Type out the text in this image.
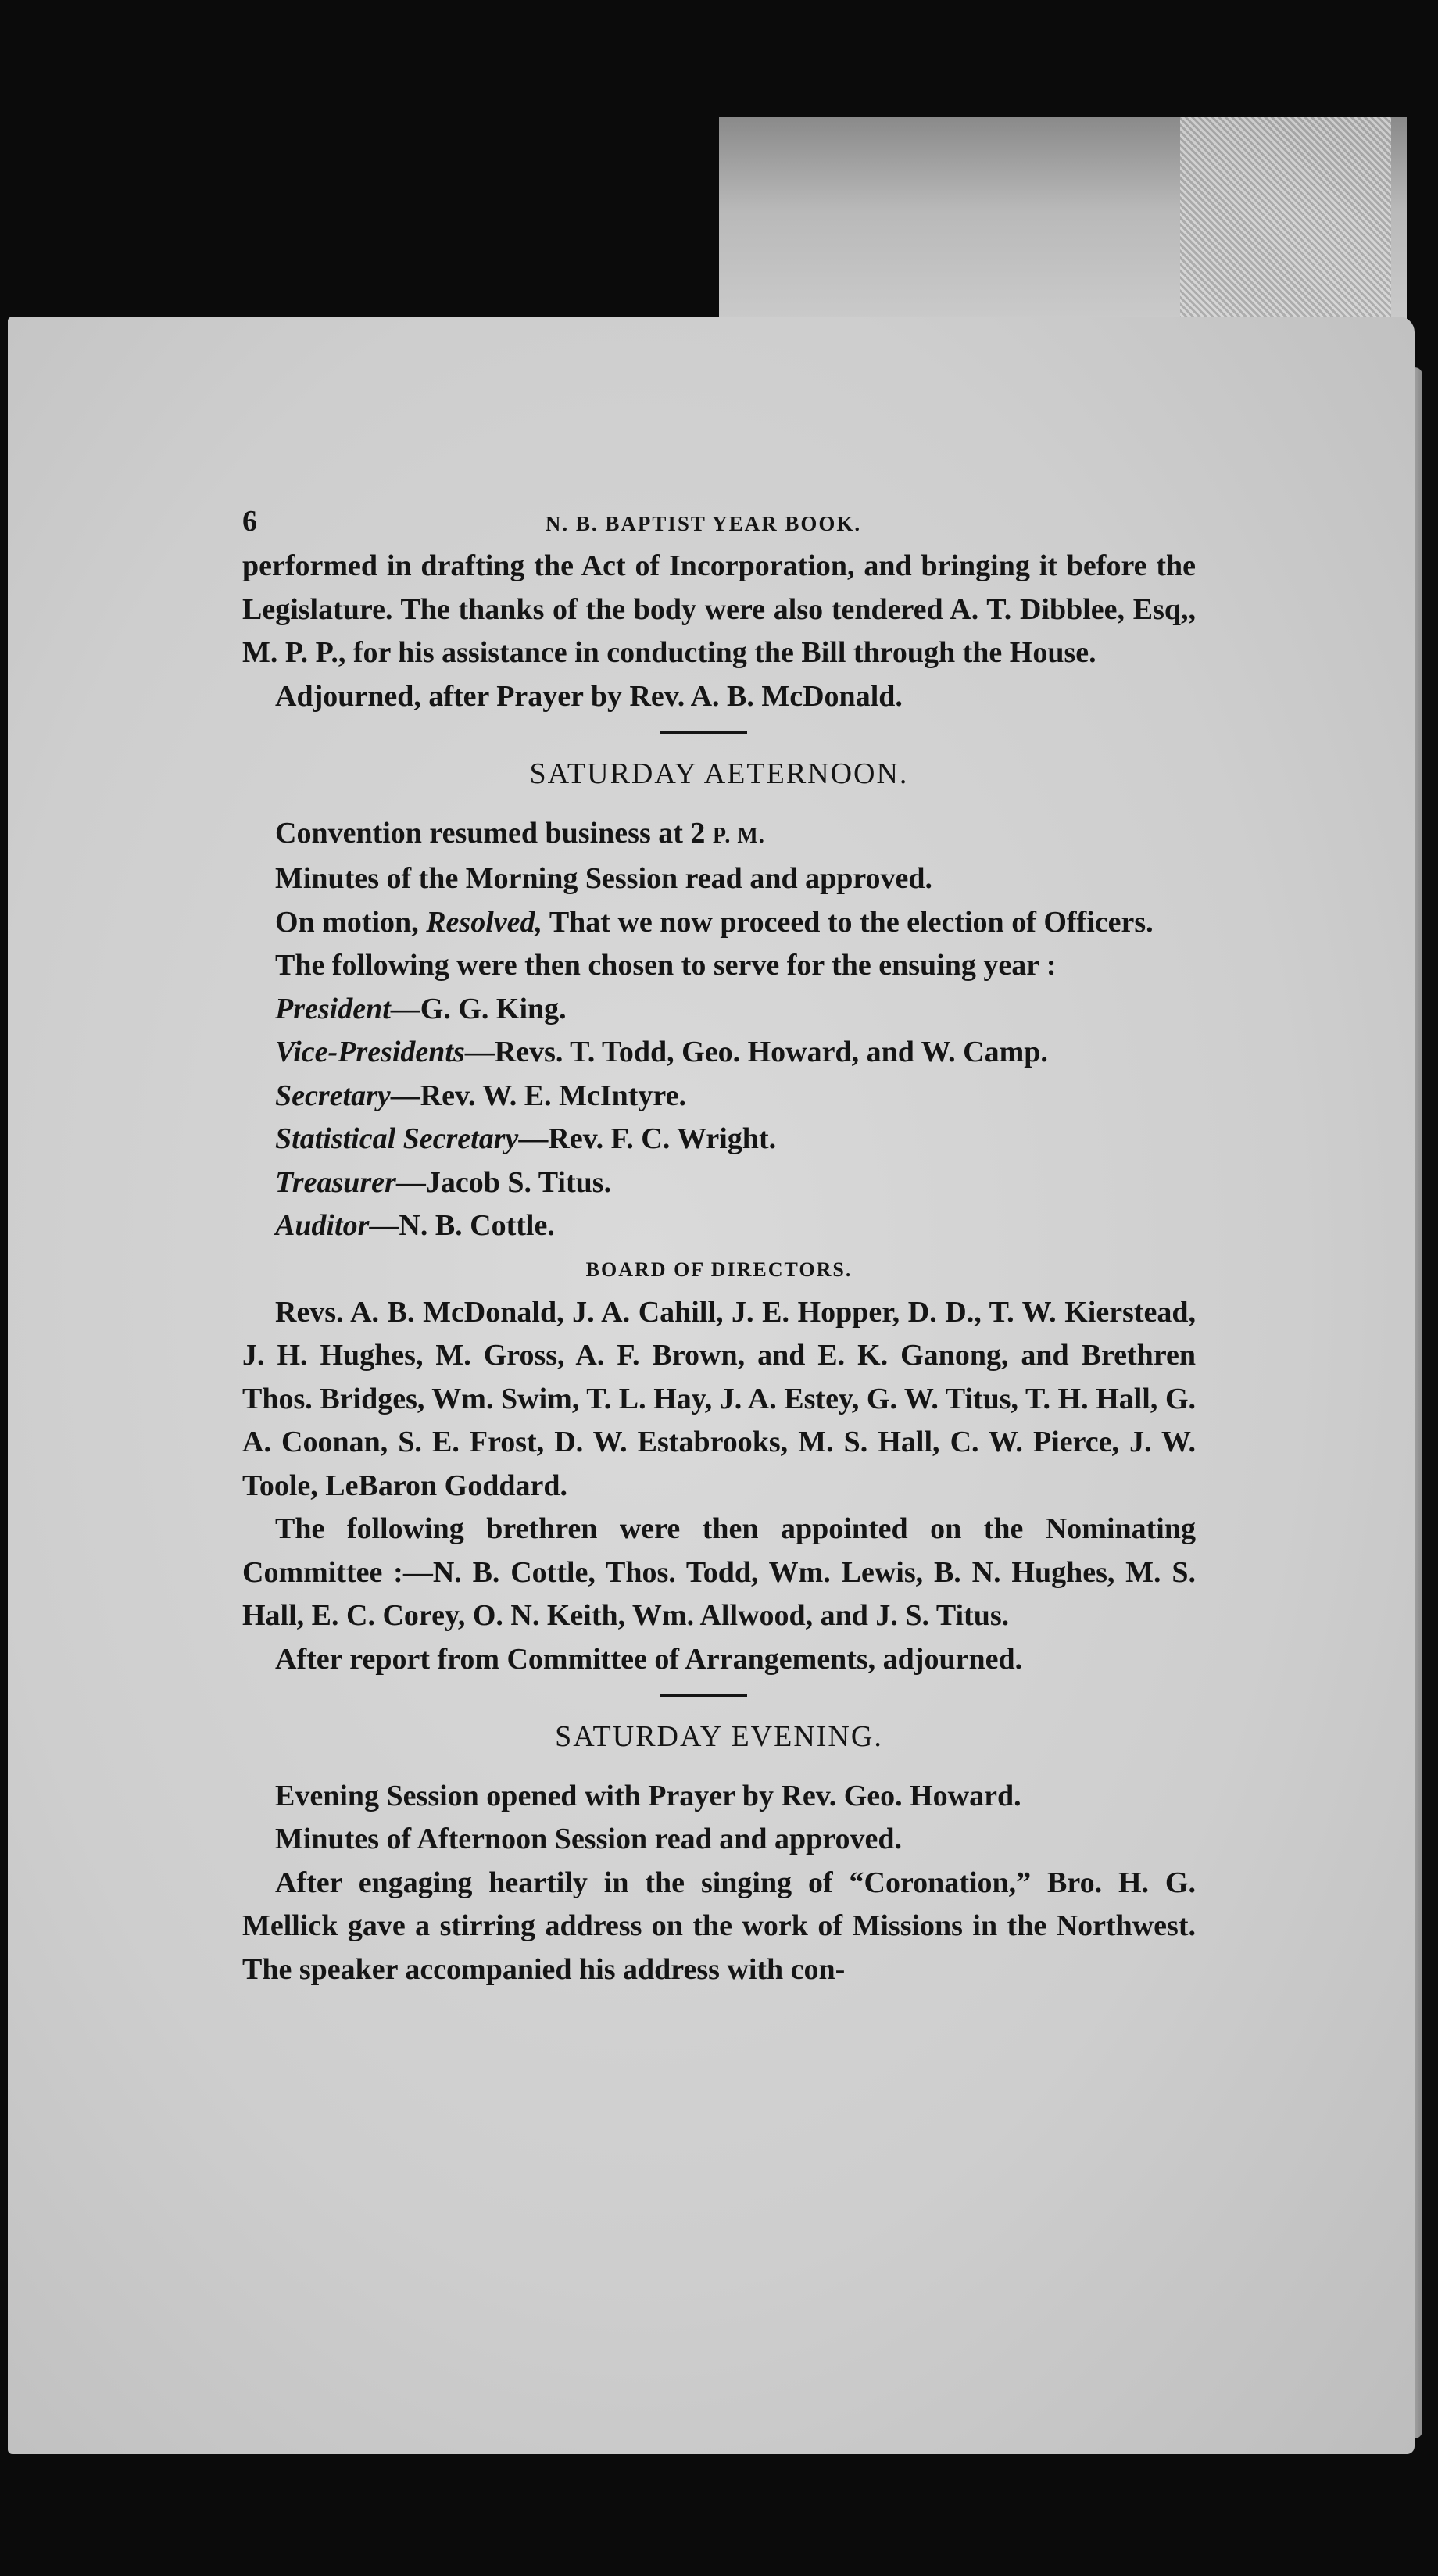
6	N. B. BAPTIST YEAR BOOK.

performed in drafting the Act of Incorporation, and bringing it before the Legislature. The thanks of the body were also tendered A. T. Dibblee, Esq,, M. P. P., for his assistance in conducting the Bill through the House.

Adjourned, after Prayer by Rev. A. B. McDonald.

SATURDAY AETERNOON.

Convention resumed business at 2 P. M.

Minutes of the Morning Session read and approved.

On motion, Resolved, That we now proceed to the election of Officers.

The following were then chosen to serve for the ensuing year :

President—G. G. King.

Vice-Presidents—Revs. T. Todd, Geo. Howard, and W. Camp.

Secretary—Rev. W. E. McIntyre.

Statistical Secretary—Rev. F. C. Wright.

Treasurer—Jacob S. Titus.

Auditor—N. B. Cottle.

BOARD OF DIRECTORS.

Revs. A. B. McDonald, J. A. Cahill, J. E. Hopper, D. D., T. W. Kierstead, J. H. Hughes, M. Gross, A. F. Brown, and E. K. Ganong, and Brethren Thos. Bridges, Wm. Swim, T. L. Hay, J. A. Estey, G. W. Titus, T. H. Hall, G. A. Coonan, S. E. Frost, D. W. Estabrooks, M. S. Hall, C. W. Pierce, J. W. Toole, LeBaron Goddard.

The following brethren were then appointed on the Nominating Committee :—N. B. Cottle, Thos. Todd, Wm. Lewis, B. N. Hughes, M. S. Hall, E. C. Corey, O. N. Keith, Wm. Allwood, and J. S. Titus.

After report from Committee of Arrangements, adjourned.

SATURDAY EVENING.

Evening Session opened with Prayer by Rev. Geo. Howard.

Minutes of Afternoon Session read and approved.

After engaging heartily in the singing of “Coronation,” Bro. H. G. Mellick gave a stirring address on the work of Missions in the Northwest. The speaker accompanied his address with con-
